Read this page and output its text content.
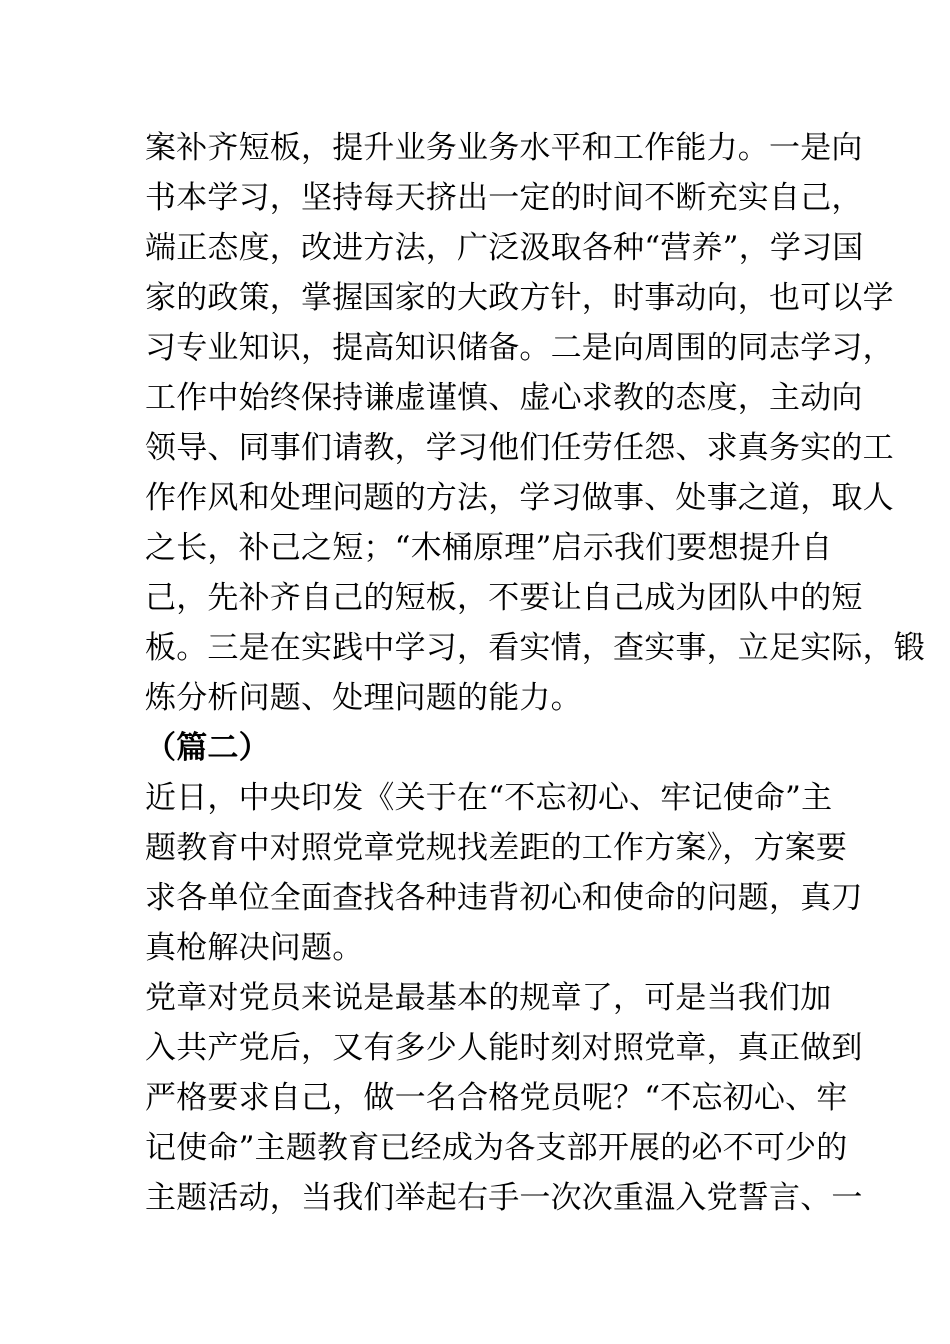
案补齐短板，提升业务业务水平和工作能力。一是向
书本学习，坚持每天挤出一定的时间不断充实自己，
端正态度，改进方法，广泛汲取各种“营养”，学习国
家的政策，掌握国家的大政方针，时事动向，也可以学
习专业知识，提高知识储备。二是向周围的同志学习，
工作中始终保持谦虚谨慎、虚心求教的态度，主动向
领导、同事们请教，学习他们任劳任怨、求真务实的工
作作风和处理问题的方法，学习做事、处事之道，取人
之长，补己之短；“木桶原理”启示我们要想提升自
己，先补齐自己的短板，不要让自己成为团队中的短
板。三是在实践中学习，看实情，查实事，立足实际，锻
炼分析问题、处理问题的能力。
（篇二）
近日，中央印发《关于在“不忘初心、牢记使命”主
题教育中对照党章党规找差距的工作方案》，方案要
求各单位全面查找各种违背初心和使命的问题，真刀
真枪解决问题。
党章对党员来说是最基本的规章了，可是当我们加
入共产党后，又有多少人能时刻对照党章，真正做到
严格要求自己，做一名合格党员呢？“不忘初心、牢
记使命”主题教育已经成为各支部开展的必不可少的
主题活动，当我们举起右手一次次重温入党誓言、一
